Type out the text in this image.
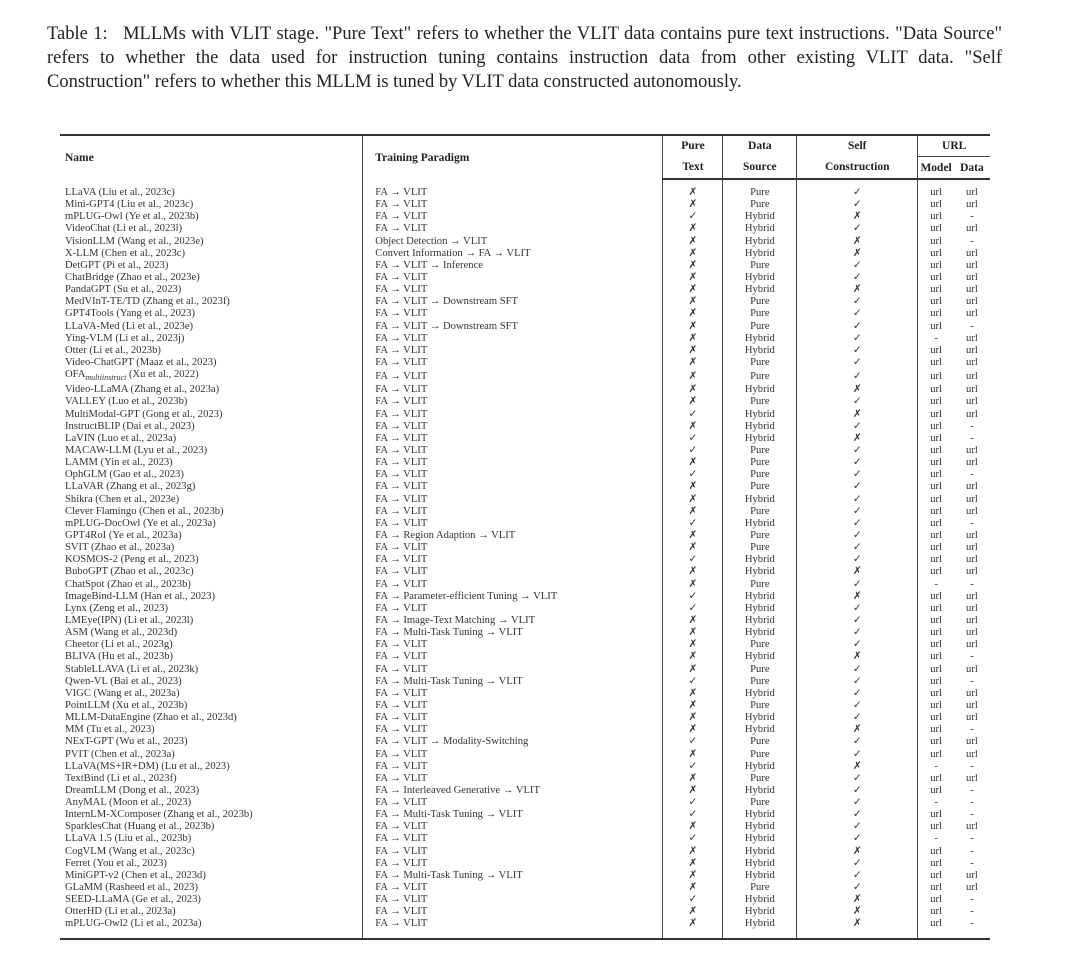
Table 1: MLLMs with VLIT stage. "Pure Text" refers to whether the VLIT data contains pure text instructions. "Data Source" refers to whether the data used for instruction tuning contains instruction data from other existing VLIT data. "Self Construction" refers to whether this MLLM is tuned by VLIT data constructed autonomously.
Name	Training Paradigm	Pure	Data	Self	URL	
		Text	Source	Construction	Model	Data
LLaVA (Liu et al., 2023c)	FA → VLIT	✗	Pure	✓	url	url
Mini-GPT4 (Liu et al., 2023c)	FA → VLIT	✗	Pure	✓	url	url
mPLUG-Owl (Ye et al., 2023b)	FA → VLIT	✓	Hybrid	✗	url	-
VideoChat (Li et al., 2023l)	FA → VLIT	✗	Hybrid	✓	url	url
VisionLLM (Wang et al., 2023e)	Object Detection → VLIT	✗	Hybrid	✗	url	-
X-LLM (Chen et al., 2023c)	Convert Information → FA → VLIT	✗	Hybrid	✗	url	url
DetGPT (Pi et al., 2023)	FA → VLIT → Inference	✗	Pure	✓	url	url
ChatBridge (Zhao et al., 2023e)	FA → VLIT	✗	Hybrid	✓	url	url
PandaGPT (Su et al., 2023)	FA → VLIT	✗	Hybrid	✗	url	url
MedVInT-TE/TD (Zhang et al., 2023f)	FA → VLIT → Downstream SFT	✗	Pure	✓	url	url
GPT4Tools (Yang et al., 2023)	FA → VLIT	✗	Pure	✓	url	url
LLaVA-Med (Li et al., 2023e)	FA → VLIT → Downstream SFT	✗	Pure	✓	url	-
Ying-VLM (Li et al., 2023j)	FA → VLIT	✗	Hybrid	✓	-	url
Otter (Li et al., 2023b)	FA → VLIT	✗	Hybrid	✓	url	url
Video-ChatGPT (Maaz et al., 2023)	FA → VLIT	✗	Pure	✓	url	url
$OFA_{multiinstruct}$ (Xu et al., 2022)	FA → VLIT	✗	Pure	✓	url	url
Video-LLaMA (Zhang et al., 2023a)	FA → VLIT	✗	Hybrid	✗	url	url
VALLEY (Luo et al., 2023b)	FA → VLIT	✗	Pure	✓	url	url
MultiModal-GPT (Gong et al., 2023)	FA → VLIT	✓	Hybrid	✗	url	url
InstructBLIP (Dai et al., 2023)	FA → VLIT	✗	Hybrid	✓	url	-
LaVIN (Luo et al., 2023a)	FA → VLIT	✓	Hybrid	✗	url	-
MACAW-LLM (Lyu et al., 2023)	FA → VLIT	✓	Pure	✓	url	url
LAMM (Yin et al., 2023)	FA → VLIT	✗	Pure	✓	url	url
OphGLM (Gao et al., 2023)	FA → VLIT	✓	Pure	✓	url	-
LLaVAR (Zhang et al., 2023g)	FA → VLIT	✗	Pure	✓	url	url
Shikra (Chen et al., 2023e)	FA → VLIT	✗	Hybrid	✓	url	url
Clever Flamingo (Chen et al., 2023b)	FA → VLIT	✗	Pure	✓	url	url
mPLUG-DocOwl (Ye et al., 2023a)	FA → VLIT	✓	Hybrid	✓	url	-
GPT4RoI (Ye et al., 2023a)	FA → Region Adaption → VLIT	✗	Pure	✓	url	url
SVIT (Zhao et al., 2023a)	FA → VLIT	✗	Pure	✓	url	url
KOSMOS-2 (Peng et al., 2023)	FA → VLIT	✓	Hybrid	✓	url	url
BuboGPT (Zhao et al., 2023c)	FA → VLIT	✗	Hybrid	✗	url	url
ChatSpot (Zhao et al., 2023b)	FA → VLIT	✗	Pure	✓	-	-
ImageBind-LLM (Han et al., 2023)	FA → Parameter-efficient Tuning → VLIT	✓	Hybrid	✗	url	url
Lynx (Zeng et al., 2023)	FA → VLIT	✓	Hybrid	✓	url	url
LMEye(IPN) (Li et al., 2023l)	FA → Image-Text Matching → VLIT	✗	Hybrid	✓	url	url
ASM (Wang et al., 2023d)	FA → Multi-Task Tuning → VLIT	✗	Hybrid	✓	url	url
Cheetor (Li et al., 2023g)	FA → VLIT	✗	Pure	✓	url	url
BLIVA (Hu et al., 2023b)	FA → VLIT	✗	Hybrid	✗	url	-
StableLLAVA (Li et al., 2023k)	FA → VLIT	✗	Pure	✓	url	url
Qwen-VL (Bai et al., 2023)	FA → Multi-Task Tuning → VLIT	✓	Pure	✓	url	-
VIGC (Wang et al., 2023a)	FA → VLIT	✗	Hybrid	✓	url	url
PointLLM (Xu et al., 2023b)	FA → VLIT	✗	Pure	✓	url	url
MLLM-DataEngine (Zhao et al., 2023d)	FA → VLIT	✗	Hybrid	✓	url	url
MM (Tu et al., 2023)	FA → VLIT	✗	Hybrid	✗	url	-
NExT-GPT (Wu et al., 2023)	FA → VLIT → Modality-Switching	✓	Pure	✓	url	url
PVIT (Chen et al., 2023a)	FA → VLIT	✗	Pure	✓	url	url
LLaVA(MS+IR+DM) (Lu et al., 2023)	FA → VLIT	✓	Hybrid	✗	-	-
TextBind (Li et al., 2023f)	FA → VLIT	✗	Pure	✓	url	url
DreamLLM (Dong et al., 2023)	FA → Interleaved Generative → VLIT	✗	Hybrid	✓	url	-
AnyMAL (Moon et al., 2023)	FA → VLIT	✓	Pure	✓	-	-
InternLM-XComposer (Zhang et al., 2023b)	FA → Multi-Task Tuning → VLIT	✓	Hybrid	✓	url	-
SparklesChat (Huang et al., 2023b)	FA → VLIT	✗	Hybrid	✓	url	url
LLaVA 1.5 (Liu et al., 2023b)	FA → VLIT	✓	Hybrid	✓	-	-
CogVLM (Wang et al., 2023c)	FA → VLIT	✗	Hybrid	✗	url	-
Ferret (You et al., 2023)	FA → VLIT	✗	Hybrid	✓	url	-
MiniGPT-v2 (Chen et al., 2023d)	FA → Multi-Task Tuning → VLIT	✗	Hybrid	✓	url	url
GLaMM (Rasheed et al., 2023)	FA → VLIT	✗	Pure	✓	url	url
SEED-LLaMA (Ge et al., 2023)	FA → VLIT	✓	Hybrid	✗	url	-
OtterHD (Li et al., 2023a)	FA → VLIT	✗	Hybrid	✗	url	-
mPLUG-Owl2 (Li et al., 2023a)	FA → VLIT	✗	Hybrid	✗	url	-
